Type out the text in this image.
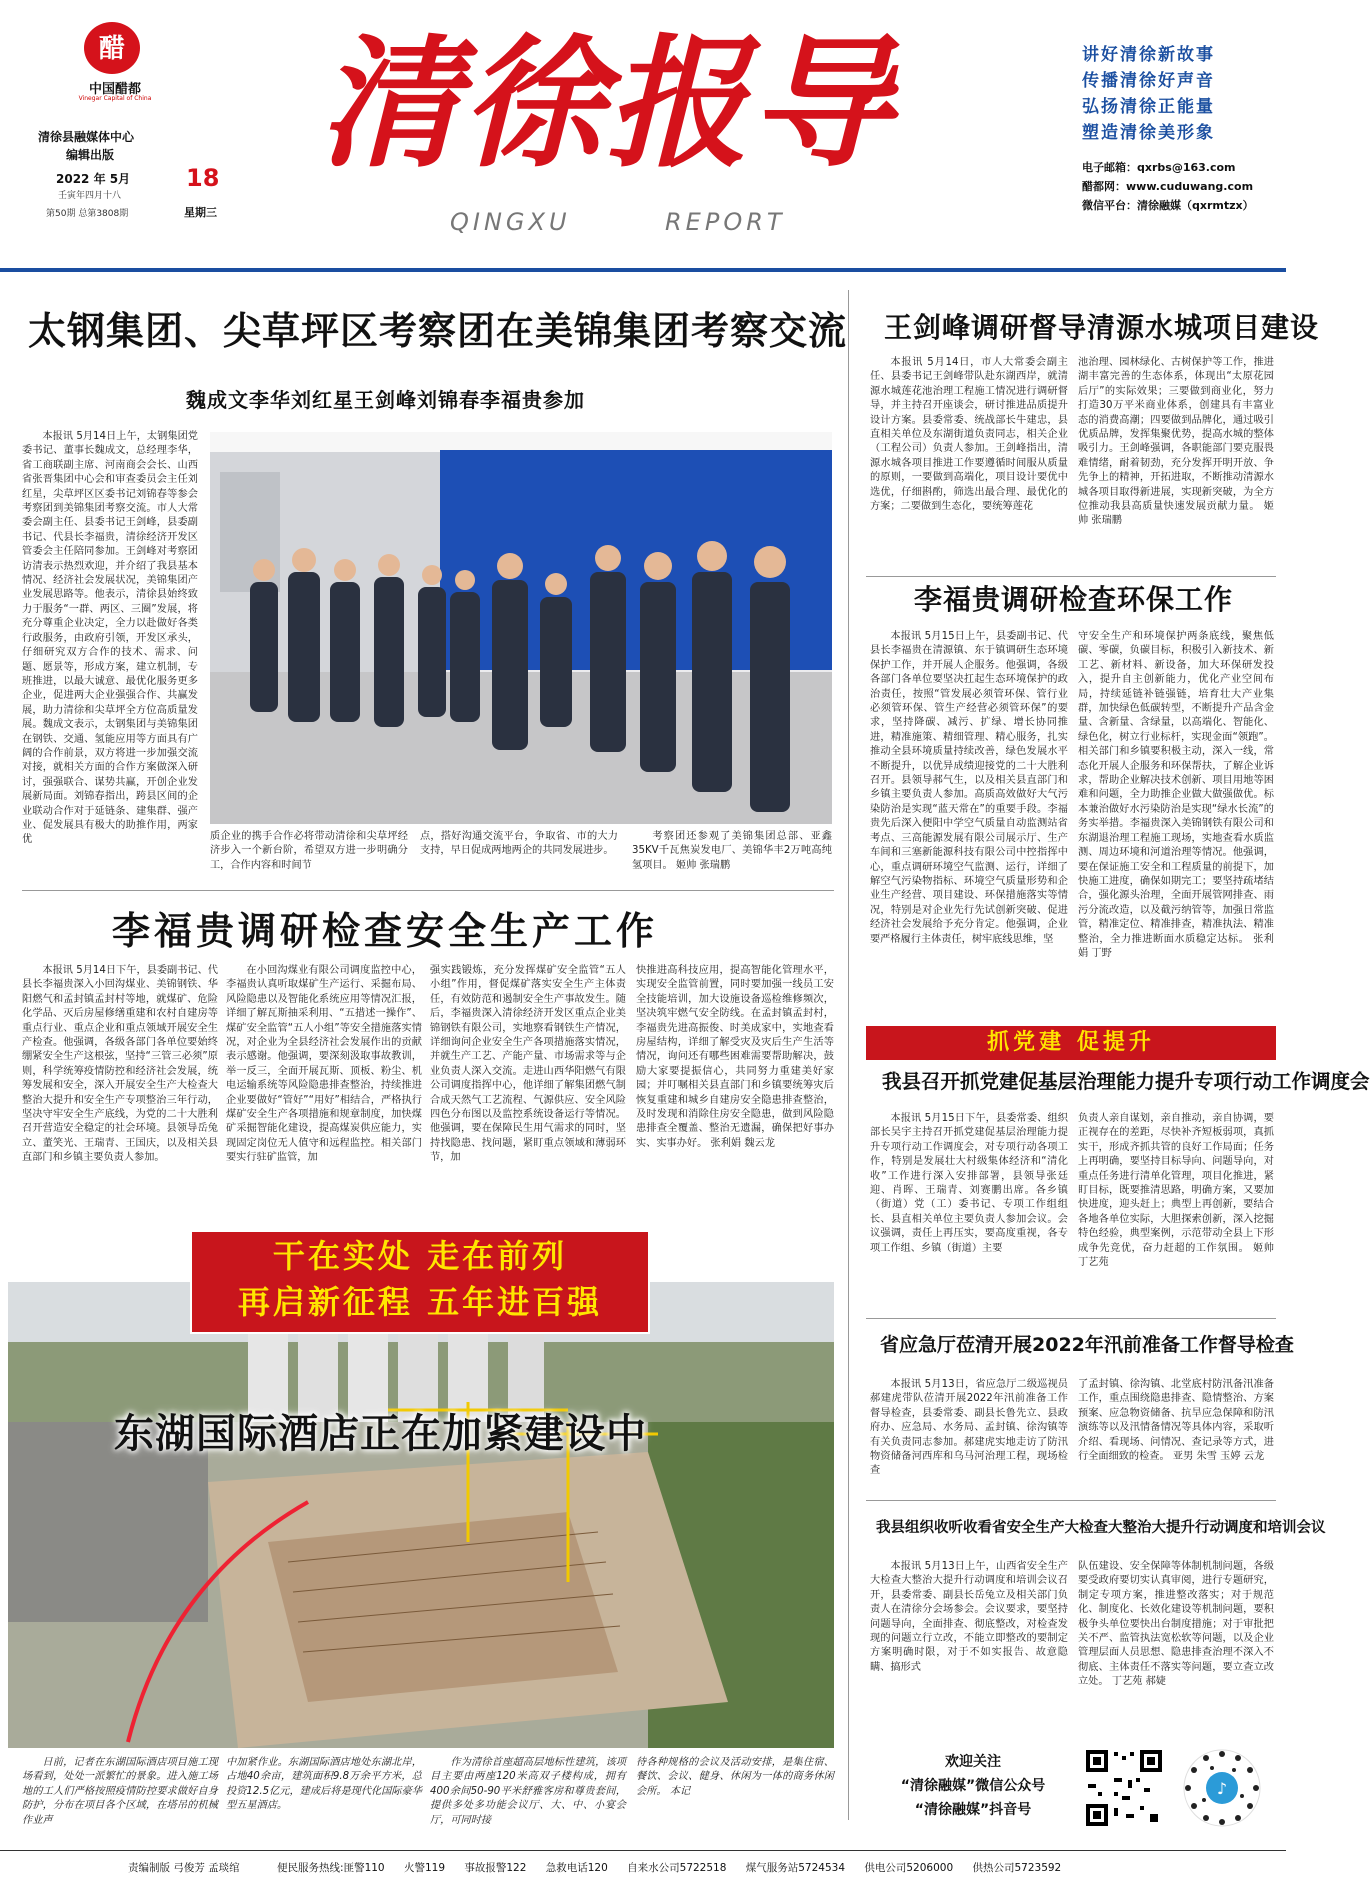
醋
中国醋都
Vinegar Capital of China
清徐县融媒体中心
编辑出版
2022 年 5月
壬寅年四月十八
18
星期三
第50期 总第3808期
清徐报导
QINGXU	REPORT
讲好清徐新故事
传播清徐好声音
弘扬清徐正能量
塑造清徐美形象
电子邮箱：qxrbs@163.com
醋都网：www.cuduwang.com
微信平台：清徐融媒（qxrmtzx）
太钢集团、尖草坪区考察团在美锦集团考察交流
魏成文李华刘红星王剑峰刘锦春李福贵参加
本报讯 5月14日上午，太钢集团党委书记、董事长魏成文，总经理李华，省工商联副主席、河南商会会长、山西省张晋集团中心会和审查委员会主任刘红星，尖草坪区区委书记刘锦春等参会考察团到美锦集团考察交流。市人大常委会副主任、县委书记王剑峰，县委副书记、代县长李福贵，清徐经济开发区管委会主任陪同参加。王剑峰对考察团访清表示热烈欢迎，并介绍了我县基本情况、经济社会发展状况，美锦集团产业发展思路等。他表示，清徐县始终致力于服务“一群、两区、三圈”发展，将充分尊重企业决定，全力以赴做好各类行政服务，由政府引领，开发区承头，仔细研究双方合作的技术、需求、问题、愿景等，形成方案，建立机制，专班推进，以最大诚意、最优化服务更多企业，促进两大企业强强合作、共赢发展，助力清徐和尖草坪全方位高质量发展。魏成文表示，太钢集团与美锦集团在钢铁、交通、氢能应用等方面具有广阔的合作前景，双方将进一步加强交流对接，就相关方面的合作方案做深入研讨，强强联合、谋势共赢，开创企业发展新局面。刘锦春指出，跨县区间的企业联动合作对于延链条、建集群、强产业、促发展具有极大的助推作用，两家优	质企业的携手合作必将带动清徐和尖草坪经济步入一个新台阶，希望双方进一步明确分工，合作内容和时间节
点，搭好沟通交流平台，争取省、市的大力支持，早日促成两地两企的共同发展进步。
考察团还参观了美锦集团总部、亚鑫35KV千瓦焦炭发电厂、美锦华丰2万吨高纯氢项目。 姬帅 张瑞鹏
李福贵调研检查安全生产工作
本报讯 5月14日下午，县委副书记、代县长李福贵深入小回沟煤业、美锦钢铁、华阳燃气和孟封镇孟封村等地，就煤矿、危险化学品、灭后房屋修缮重建和农村自建房等重点行业、重点企业和重点领域开展安全生产检查。他强调，各级各部门各单位要始终绷紧安全生产这根弦，坚持“三管三必须”原则，科学统筹疫情防控和经济社会发展，统筹发展和安全，深入开展安全生产大检查大整治大提升和安全生产专项整治三年行动，坚决守牢安全生产底线，为党的二十大胜利召开营造安全稳定的社会环境。县领导岳兔立、董笑光、王瑞青、王国庆，以及相关县直部门和乡镇主要负责人参加。
在小回沟煤业有限公司调度监控中心，李福贵认真听取煤矿生产运行、采掘布局、风险隐患以及智能化系统应用等情况汇报，详细了解瓦斯抽采利用、“五措述一操作”、煤矿安全监管“五人小组”等安全措施落实情况，对企业为全县经济社会发展作出的贡献表示感谢。他强调，要深刻汲取事故教训，举一反三，全面开展瓦斯、顶板、粉尘、机电运输系统等风险隐患排查整治，持续推进企业要做好“管好”“用好”相结合，严格执行煤矿安全生产各项措施和规章制度，加快煤矿采掘智能化建设，提高煤炭供应能力，实现固定岗位无人值守和远程监控。相关部门要实行驻矿监管，加
强实践锻炼，充分发挥煤矿安全监管“五人小组”作用，督促煤矿落实安全生产主体责任，有效防范和遏制安全生产事故发生。随后，李福贵深入清徐经济开发区重点企业美锦钢铁有限公司，实地察看钢铁生产情况，详细询问企业安全生产各项措施落实情况，并就生产工艺、产能产量、市场需求等与企业负责人深入交流。走进山西华阳燃气有限公司调度指挥中心，他详细了解集团燃气制合成天然气工艺流程、气源供应、安全风险四色分布图以及监控系统设备运行等情况。他强调，要在保障民生用气需求的同时，坚持找隐患、找问题，紧盯重点领域和薄弱环节，加
快推进高科技应用，提高智能化管理水平，实现安全监管前置，同时要加强一线员工安全技能培训，加大设施设备巡检维修频次，坚决筑牢燃气安全防线。在孟封镇孟封村，李福贵先进高振俊、时美成家中，实地查看房屋结构，详细了解受灾及灾后生产生活等情况，询问还有哪些困难需要帮助解决，鼓励大家要提振信心，共同努力重建美好家园；并叮嘱相关县直部门和乡镇要统筹灾后恢复重建和城乡自建房安全隐患排查整治，及时发现和消除住房安全隐患，做到风险隐患排查全覆盖、整治无遗漏，确保把好事办实、实事办好。 张利娟 魏云龙
干在实处 走在前列
再启新征程 五年进百强
东湖国际酒店正在加紧建设中
日前，记者在东湖国际酒店项目施工现场看到，处处一派繁忙的景象。进入施工场地的工人们严格按照疫情防控要求做好自身防护，分布在项目各个区域，在塔吊的机械作业声
中加紧作业。东湖国际酒店地处东湖北岸，占地40余亩，建筑面积9.8万余平方米，总投资12.5亿元，建成后将是现代化国际豪华型五星酒店。
作为清徐首座超高层地标性建筑，该项目主要由两座120米高双子楼构成，拥有400余间50-90平米舒雅客房和尊贵套间，提供多处多功能会议厅、大、中、小宴会厅，可同时接
待各种规格的会议及活动安排，是集住宿、餐饮、会议、健身、休闲为一体的商务休闲会所。 本记
王剑峰调研督导清源水城项目建设
本报讯 5月14日，市人大常委会副主任、县委书记王剑峰带队赴东湖西岸，就清源水城莲花池治理工程施工情况进行调研督导，并主持召开座谈会，研讨推进品质提升设计方案。县委常委、统战部长牛建忠，县直相关单位及东湖街道负责同志，相关企业（工程公司）负责人参加。王剑峰指出，清源水城各项目推进工作要遵循时间服从质量的原则，一要做到高端化，项目设计要优中选优，仔细斟酌，筛选出最合理、最优化的方案；二要做到生态化，要统筹莲花
池治理、园林绿化、古树保护等工作，推进湖丰富完善的生态体系，体现出“太原花园后厅”的实际效果；三要做到商业化，努力打造30万平米商业体系，创建具有丰富业态的消费高潮；四要做到品牌化，通过吸引优质品牌，发挥集聚优势，提高水城的整体吸引力。王剑峰强调，各职能部门要克服畏难情绪，耐着韧劲，充分发挥开明开放、争先争上的精神，开拓进取，不断推动清源水城各项目取得新进展，实现新突破，为全方位推动我县高质量快速发展贡献力量。 姬帅 张瑞鹏
李福贵调研检查环保工作
本报讯 5月15日上午，县委副书记、代县长李福贵在清源镇、东于镇调研生态环境保护工作，并开展人企服务。他强调，各级各部门各单位要坚决扛起生态环境保护的政治责任，按照“管发展必须管环保、管行业必须管环保、管生产经营必须管环保”的要求，坚持降碳、减污、扩绿、增长协同推进，精准施策、精细管理、精心服务，扎实推动全县环境质量持续改善，绿色发展水平不断提升，以优异成绩迎接党的二十大胜利召开。县领导郝气生，以及相关县直部门和乡镇主要负责人参加。高质高效做好大气污染防治是实现“蓝天常在”的重要手段。李福贵先后深入便阳中学空气质量自动监测站省考点、三高能源发展有限公司展示厅、生产车间和三塞新能源科技有限公司中控指挥中心，重点调研环境空气监测、运行，详细了解空气污染物指标、环境空气质量形势和企业生产经营、项目建设、环保措施落实等情况，特别是对企业先行先试创新突破、促进经济社会发展给予充分肯定。他强调，企业要严格履行主体责任，树牢底线思维，坚
守安全生产和环境保护两条底线，聚焦低碳、零碳，负碳目标，积极引入新技术、新工艺、新材料、新设备，加大环保研发投入，提升自主创新能力，优化产业空间布局，持续延链补链强链，培育壮大产业集群，加快绿色低碳转型，不断提升产品含金量、含新量、含绿量，以高端化、智能化、绿色化，树立行业标杆，实现金面“领跑”。相关部门和乡镇要积极主动，深入一线，常态化开展人企服务和环保帮扶，了解企业诉求，帮助企业解决技术创新、项目用地等困难和问题，全力助推企业做大做强做优。标本兼治做好水污染防治是实现“绿水长流”的务实举措。李福贵深入美锦钢铁有限公司和东湖退治理工程施工现场，实地查看水质监测、周边环境和河道治理等情况。他强调，要在保证施工安全和工程质量的前提下，加快施工进度，确保如期完工；要坚持疏堵结合，强化源头治理，全面开展管网排查、雨污分流改造，以及截污纳管等，加强日常监管，精准定位、精准排查，精准执法、精准整治，全力推进断面水质稳定达标。 张利娟 丁野
抓党建 促提升
我县召开抓党建促基层治理能力提升专项行动工作调度会
本报讯 5月15日下午，县委常委、组织部长吴宇主持召开抓党建促基层治理能力提升专项行动工作调度会，对专项行动各项工作，特别是发展壮大村级集体经济和“清化收”工作进行深入安排部署，县领导张廷迎、肖晖、王瑞青、刘赛鹏出席。各乡镇（街道）党（工）委书记、专项工作组组长、县直相关单位主要负责人参加会议。会议强调，责任上再压实，要高度重视，各专项工作组、乡镇（街道）主要
负责人亲自谋划，亲自推动，亲自协调，要正视存在的差距，尽快补齐短板弱项，真抓实干，形成齐抓共管的良好工作局面；任务上再明确，要坚持目标导向、问题导向，对重点任务进行清单化管理，项目化推进，紧盯目标，既要推清思路，明确方案，又要加快进度，迎头赶上；典型上再创新，要结合各地各单位实际，大胆探索创新，深入挖掘特色经验，典型案例，示范带动全县上下形成争先竞优，奋力赶超的工作氛围。 姬帅 丁艺苑
省应急厅莅清开展2022年汛前准备工作督导检查
本报讯 5月13日，省应急厅二级巡视员郝建虎带队莅清开展2022年汛前准备工作督导检查，县委常委、副县长鲁先立、县政府办、应急局、水务局、孟封镇、徐沟镇等有关负责同志参加。郝建虎实地走访了防汛物资储备河西库和乌马河治理工程，现场检查
了孟封镇、徐沟镇、北堂底村防汛备汛准备工作，重点围绕隐患排查、隐情整治、方案预案、应急物资储备、抗旱应急保障和防汛演练等以及汛情备情况等具体内容，采取听介绍、看现场、问情况、查记录等方式，进行全面细致的检查。 亚男 朱雪 玉婷 云龙
我县组织收听收看省安全生产大检查大整治大提升行动调度和培训会议
本报讯 5月13日上午，山西省安全生产大检查大整治大提升行动调度和培训会议召开，县委常委、副县长岳兔立及相关部门负责人在清徐分会场参会。会议要求，要坚持问题导向，全面排查、彻底整改，对检查发现的问题立行立改，不能立即整改的要制定方案明确时限，对于不如实报告、故意隐瞒、搞形式
队伍建设、安全保障等体制机制问题，各级要受政府要切实认真审阅，进行专题研究，制定专项方案，推进整改落实；对于规范化、制度化、长效化建设等机制问题，要积极争头单位要快出台制度措施；对于审批把关不严、监管执法宽松软等问题，以及企业管理层面人员思想、隐患排查治理不深入不彻底、主体责任不落实等问题，要立查立改立处。 丁艺苑 郝婕
欢迎关注
“清徐融媒”微信公众号
“清徐融媒”抖音号
♪
责编制版 弓俊芳 孟琰绾	便民服务热线:匪警110 火警119 事故报警122 急救电话120 自来水公司5722518 煤气服务站5724534 供电公司5206000 供热公司5723592
